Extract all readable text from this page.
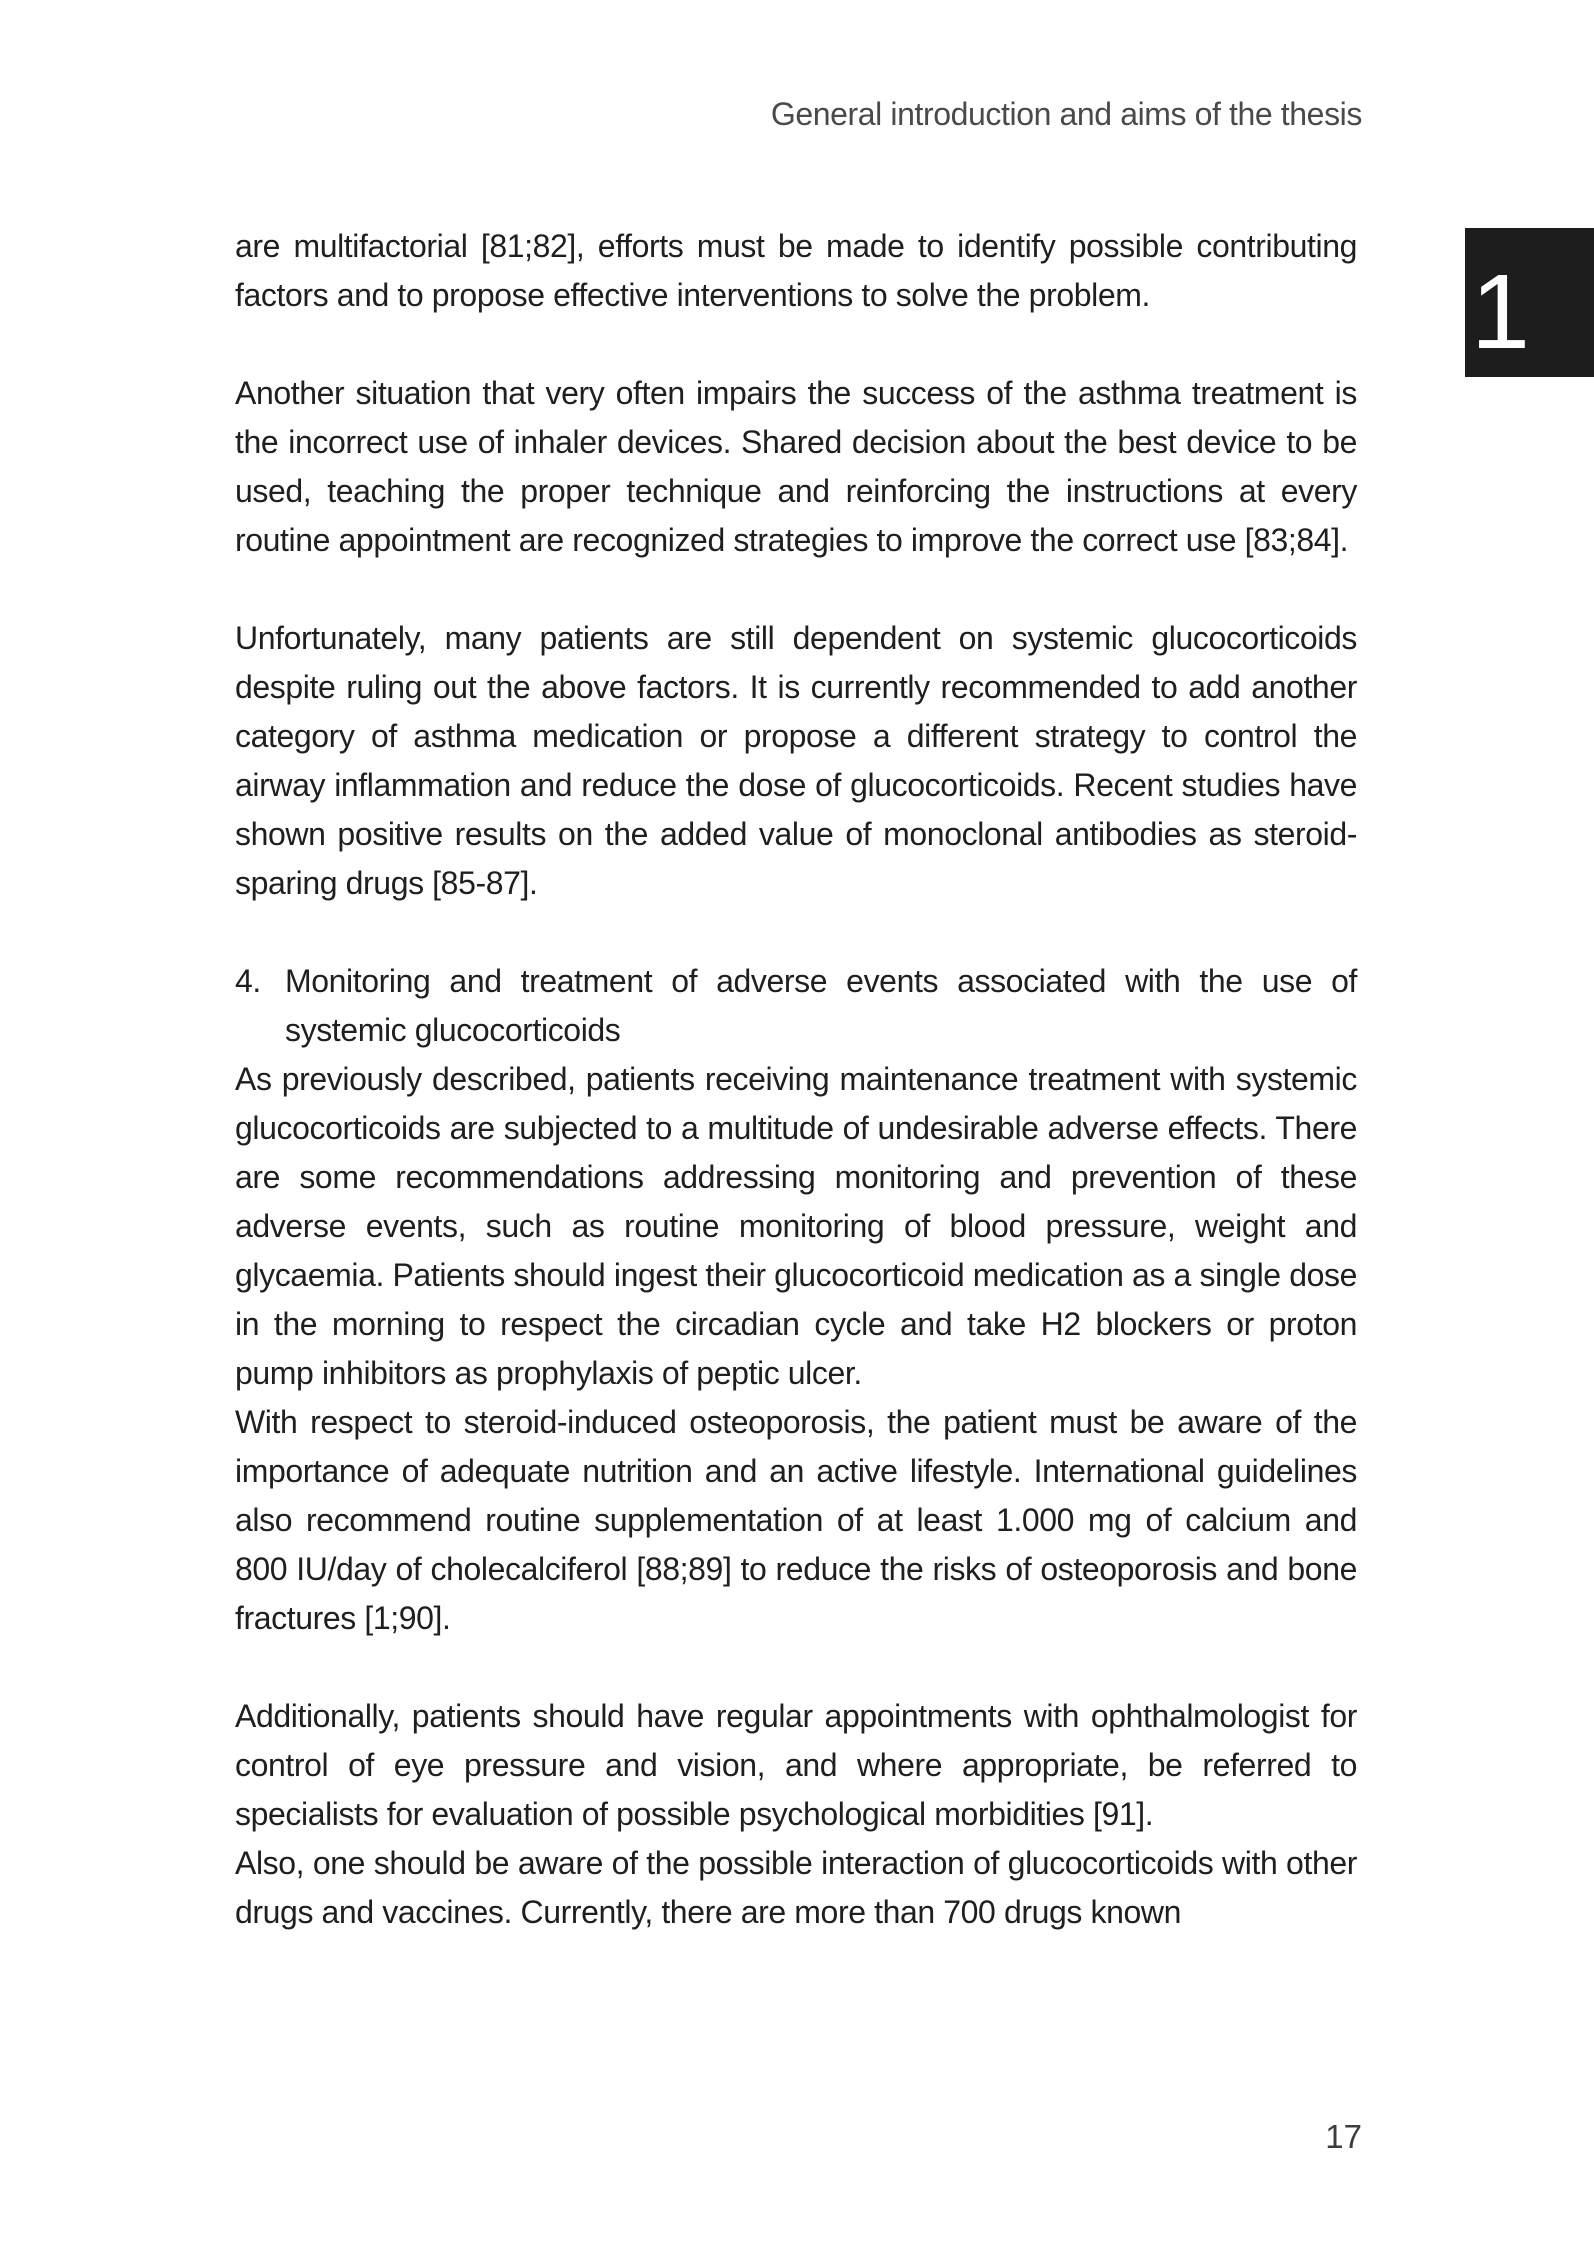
General introduction and aims of the thesis
1

are multifactorial [81;82], efforts must be made to identify possible contributing factors and to propose effective interventions to solve the problem.

Another situation that very often impairs the success of the asthma treatment is the incorrect use of inhaler devices. Shared decision about the best device to be used, teaching the proper technique and reinforcing the instructions at every routine appointment are recognized strategies to improve the correct use [83;84].

Unfortunately, many patients are still dependent on systemic glucocorticoids despite ruling out the above factors. It is currently recommended to add another category of asthma medication or propose a different strategy to control the airway inflammation and reduce the dose of glucocorticoids. Recent studies have shown positive results on the added value of monoclonal antibodies as steroid-sparing drugs [85-87].

4. Monitoring and treatment of adverse events associated with the use of systemic glucocorticoids

As previously described, patients receiving maintenance treatment with systemic glucocorticoids are subjected to a multitude of undesirable adverse effects. There are some recommendations addressing monitoring and prevention of these adverse events, such as routine monitoring of blood pressure, weight and glycaemia. Patients should ingest their glucocorticoid medication as a single dose in the morning to respect the circadian cycle and take H2 blockers or proton pump inhibitors as prophylaxis of peptic ulcer.

With respect to steroid-induced osteoporosis, the patient must be aware of the importance of adequate nutrition and an active lifestyle. International guidelines also recommend routine supplementation of at least 1.000 mg of calcium and 800 IU/day of cholecalciferol [88;89] to reduce the risks of osteoporosis and bone fractures [1;90].

Additionally, patients should have regular appointments with ophthalmologist for control of eye pressure and vision, and where appropriate, be referred to specialists for evaluation of possible psychological morbidities [91].

Also, one should be aware of the possible interaction of glucocorticoids with other drugs and vaccines. Currently, there are more than 700 drugs known

17
